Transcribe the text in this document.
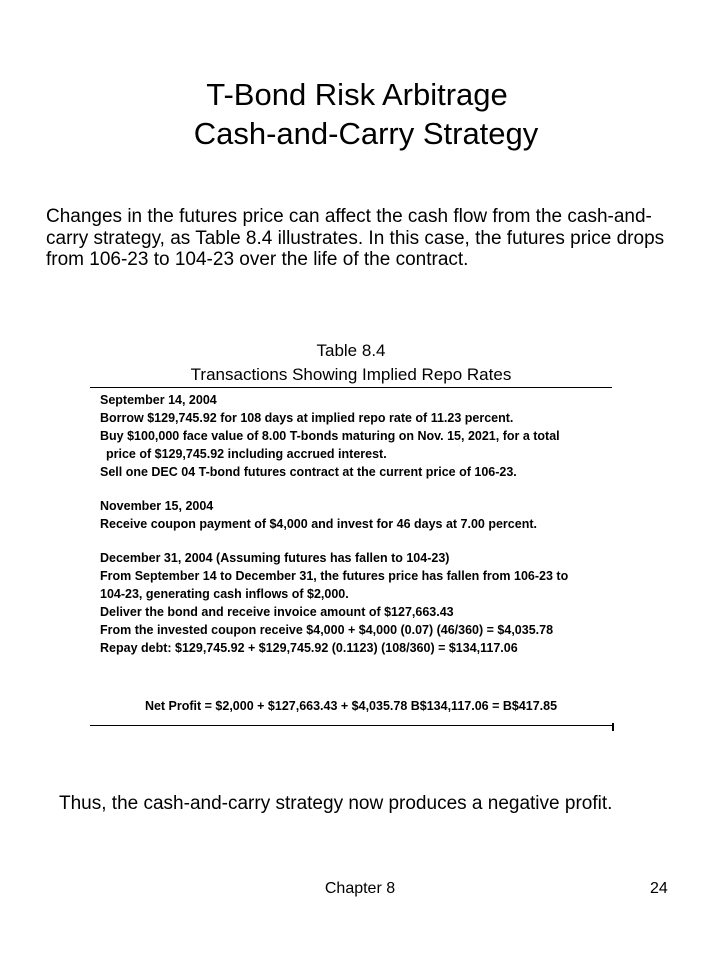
T-Bond Risk Arbitrage
Cash-and-Carry Strategy
Changes in the futures price can affect the cash flow from the cash-and-carry strategy, as Table 8.4 illustrates. In this case, the futures price drops from 106-23 to 104-23 over the life of the contract.
Table 8.4
Transactions Showing Implied Repo Rates
September 14, 2004
Borrow $129,745.92 for 108 days at implied repo rate of 11.23 percent.
Buy $100,000 face value of 8.00 T-bonds maturing on Nov. 15, 2021, for a total
price of $129,745.92 including accrued interest.
Sell one DEC 04 T-bond futures contract at the current price of 106-23.
November 15, 2004
Receive coupon payment of $4,000 and invest for 46 days at 7.00 percent.
December 31, 2004 (Assuming futures has fallen to 104-23)
From September 14 to December 31, the futures price has fallen from 106-23 to
104-23, generating cash inflows of $2,000.
Deliver the bond and receive invoice amount of $127,663.43
From the invested coupon receive $4,000 + $4,000 (0.07) (46/360) = $4,035.78
Repay debt: $129,745.92 + $129,745.92 (0.1123) (108/360) = $134,117.06
Net Profit = $2,000 + $127,663.43 + $4,035.78 B$134,117.06 = B$417.85
Thus, the cash-and-carry strategy now produces a negative profit.
Chapter 8	24
